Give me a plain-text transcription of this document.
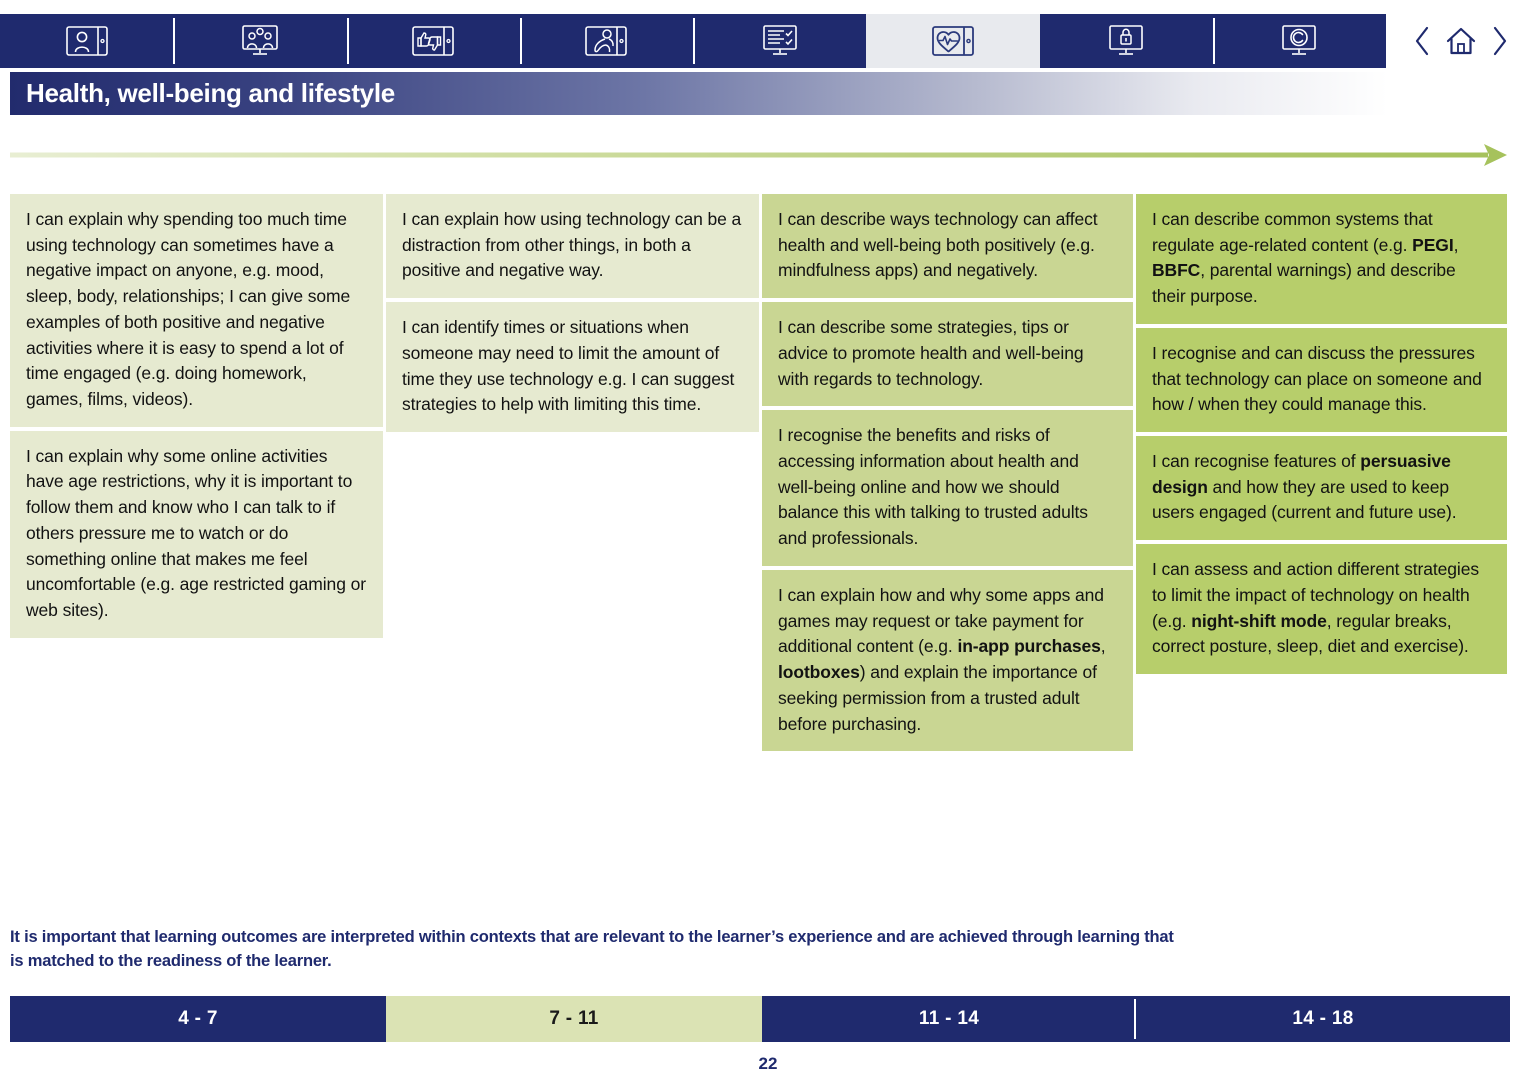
Health, well-being and lifestyle
I can explain why spending too much time using technology can sometimes have a negative impact on anyone, e.g. mood, sleep, body, relationships; I can give some examples of both positive and negative activities where it is easy to spend a lot of time engaged (e.g. doing homework, games, films, videos).
I can explain why some online activities have age restrictions, why it is important to follow them and know who I can talk to if others pressure me to watch or do something online that makes me feel uncomfortable (e.g. age restricted gaming or web sites).
I can explain how using technology can be a distraction from other things, in both a positive and negative way.
I can identify times or situations when someone may need to limit the amount of time they use technology e.g. I can suggest strategies to help with limiting this time.
I can describe ways technology can affect health and well-being both positively (e.g. mindfulness apps) and negatively.
I can describe some strategies, tips or advice to promote health and well-being with regards to technology.
I recognise the benefits and risks of accessing information about health and well-being online and how we should balance this with talking to trusted adults and professionals.
I can explain how and why some apps and games may request or take payment for additional content (e.g. in-app purchases, lootboxes) and explain the importance of seeking permission from a trusted adult before purchasing.
I can describe common systems that regulate age-related content (e.g. PEGI, BBFC, parental warnings) and describe their purpose.
I recognise and can discuss the pressures that technology can place on someone and how / when they could manage this.
I can recognise features of persuasive design and how they are used to keep users engaged (current and future use).
I can assess and action different strategies to limit the impact of technology on health (e.g. night-shift mode, regular breaks, correct posture, sleep, diet and exercise).
It is important that learning outcomes are interpreted within contexts that are relevant to the learner’s experience and are achieved through learning that is matched to the readiness of the learner.
4 - 7	7 - 11	11 - 14	14 - 18
22
